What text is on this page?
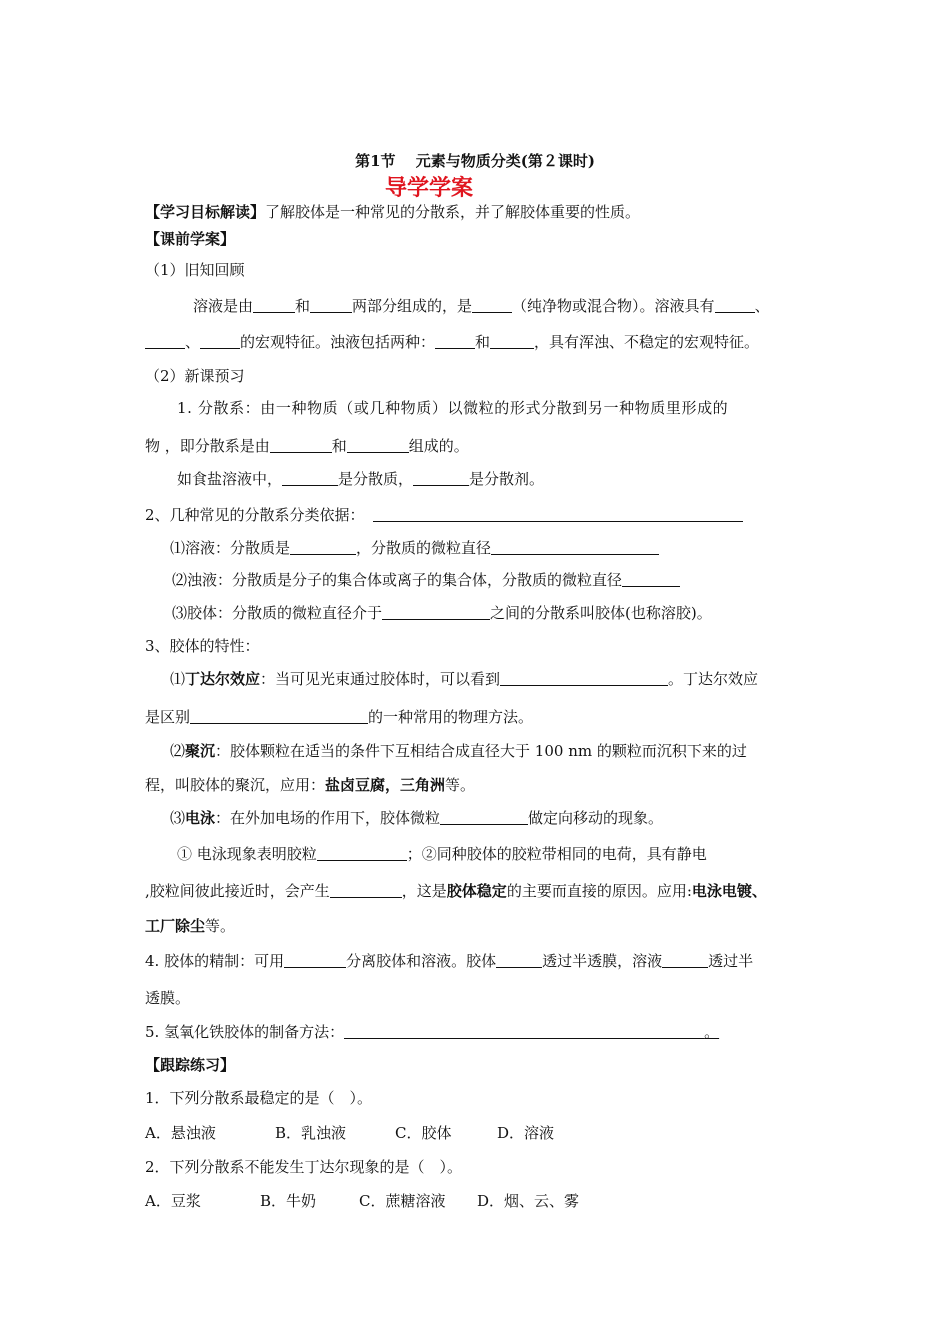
第1节　 元素与物质分类(第２课时)
导学学案
【学习目标解读】了解胶体是一种常见的分散系，并了解胶体重要的性质。
【课前学案】
（1）旧知回顾
溶液是由	和	两部分组成的，是	（纯净物或混合物）。溶液具有	、
、	的宏观特征。浊液包括两种：	和	，具有浑浊、不稳定的宏观特征。
（2）新课预习
1. 分散系：由一种物质（或几种物质）以微粒的形式分散到另一种物质里形成的
物 ，即分散系是由	和	组成的。
如食盐溶液中，	是分散质，	是分散剂。
2、几种常见的分散系分类依据：
⑴溶液：分散质是	，分散质的微粒直径
⑵浊液：分散质是分子的集合体或离子的集合体，分散质的微粒直径
⑶胶体：分散质的微粒直径介于	之间的分散系叫胶体(也称溶胶)。
3、胶体的特性：
⑴丁达尔效应：当可见光束通过胶体时，可以看到	。丁达尔效应
是区别	的一种常用的物理方法。
⑵聚沉：胶体颗粒在适当的条件下互相结合成直径大于 100 nm 的颗粒而沉积下来的过
程，叫胶体的聚沉，应用：盐卤豆腐，三角洲等。
⑶电泳：在外加电场的作用下，胶体微粒	做定向移动的现象。
① 电泳现象表明胶粒	；②同种胶体的胶粒带相同的电荷，具有静电
,胶粒间彼此接近时，会产生	，这是胶体稳定的主要而直接的原因。应用:电泳电镀、
工厂除尘等。
4. 胶体的精制：可用	分离胶体和溶液。胶体	透过半透膜，溶液	透过半
透膜。
5. 氢氧化铁胶体的制备方法：	。
【跟踪练习】
1．下列分散系最稳定的是（　）。
A．悬浊液	B．乳浊液	C．胶体	D．溶液
2．下列分散系不能发生丁达尔现象的是（　）。
A．豆浆	B．牛奶	C．蔗糖溶液 D．烟、云、雾
